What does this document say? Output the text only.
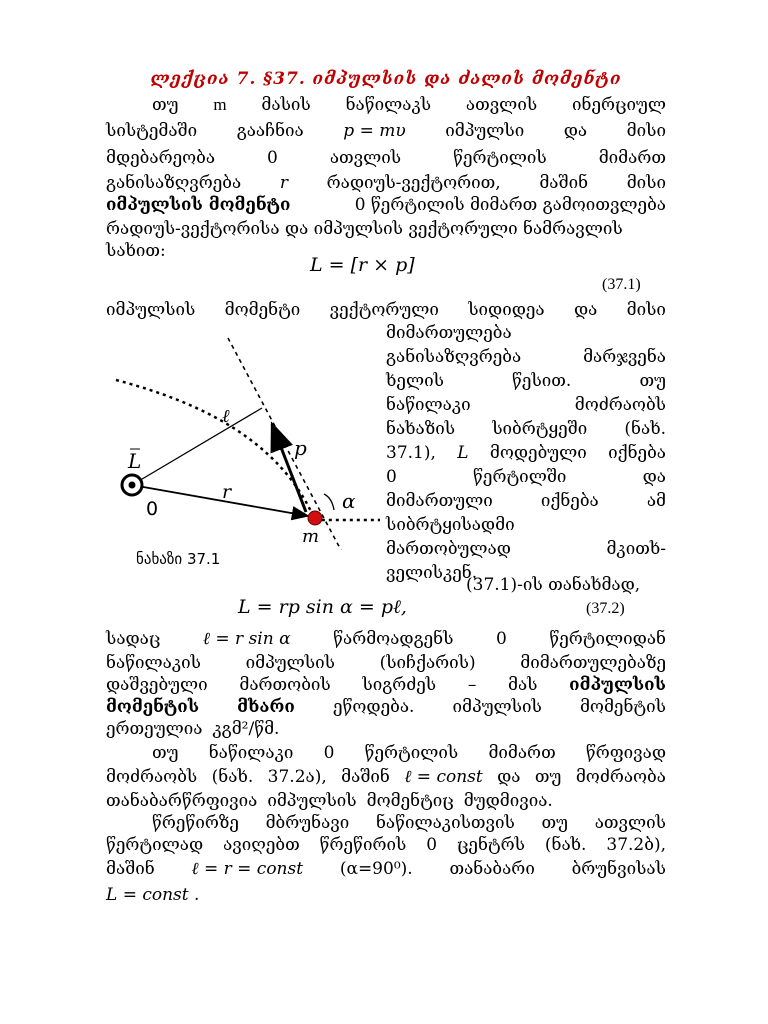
ლექცია 7. §37. იმპულსის და ძალის მომენტი
თუ m მასის ნაწილაკს ათვლის ინერციულ
სისტემაში გააჩნია p = mυ იმპულსი და მისი
მდებარეობა	0	ათვლის	წერტილის	მიმართ
განისაზღვრება r რადიუს-ვექტორით, მაშინ მისი
იმპულსის მომენტი	0 წერტილის მიმართ გამოითვლება
რადიუს-ვექტორისა და იმპულსის ვექტორული ნამრავლის
სახით:
L = [r × p]
(37.1)
იმპულსის მომენტი ვექტორული სიდიდეა და მისი
მიმართულება
განისაზღვრება	მარჯვენა
ხელის	წესით.	თუ
ნაწილაკი	მოძრაობს
ნახაზის სიბრტყეში (ნახ.
37.1), L მოდებული იქნება
0	წერტილში	და
მიმართული	იქნება	ამ
სიბრტყისადმი
მართობულად	მკითხ-
ველისკენ.
(37.1)-ის თანახმად,
L
0
r
p
ℓ
α
m
ნახაზი 37.1
L = rp sin α = pℓ,	(37.2)
სადაც	ℓ = r sin α	წარმოადგენს	0	წერტილიდან
ნაწილაკის	იმპულსის	(სიჩქარის)	მიმართულებაზე
დაშვებული მართობის სიგრძეს – მას იმპულსის
მომენტის მხარი ეწოდება. იმპულსის მომენტის
ერთეულია კგმ²/წმ.
თუ ნაწილაკი 0 წერტილის მიმართ წრფივად
მოძრაობს (ნახ. 37.2ა), მაშინ ℓ = const და თუ მოძრაობა
თანაბარწრფივია იმპულსის მომენტიც მუდმივია.
წრეწირზე მბრუნავი ნაწილაკისთვის თუ ათვლის
წერტილად ავიღებთ წრეწირის 0 ცენტრს (ნახ. 37.2ბ),
მაშინ ℓ = r = const (α=90⁰). თანაბარი ბრუნვისას
L = const .
